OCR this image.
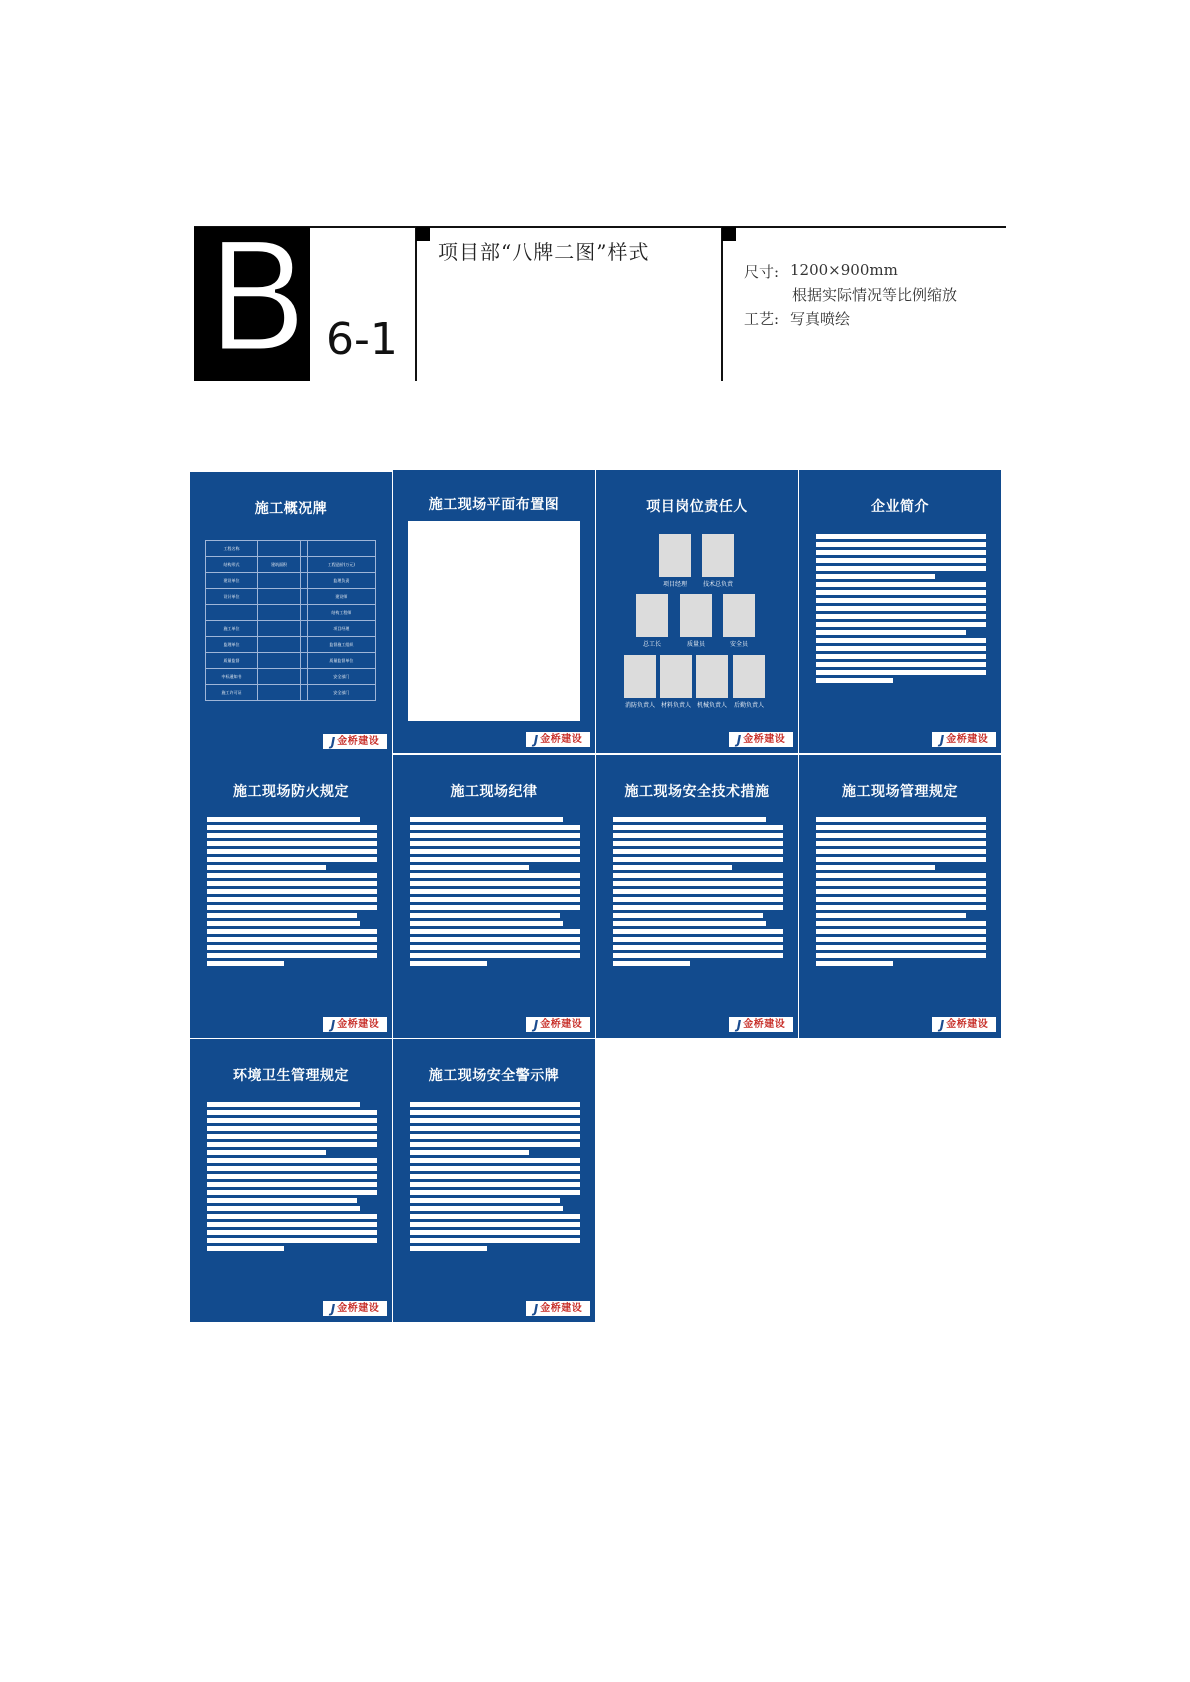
B 6-1
项目部“八牌二图”样式
尺寸: 1200×900mm
根据实际情况等比例缩放
工艺: 写真喷绘
施工概况牌
工程名称			
结构形式	建筑面积		工程造价(万元)
建设单位			监理负责
设计单位			建设师
			结构工程师
施工单位			项目经理
监理单位			监督施工组织
质量监督			质量监督单位
中标通知书			安全部门
施工许可证			安全部门
J 金桥建设
施工现场平面布置图
J 金桥建设
项目岗位责任人
项目经理	技术总负责
总工长	质量员	安全员
消防负责人 材料负责人 机械负责人 后勤负责人
J 金桥建设
企业简介
J 金桥建设
施工现场防火规定
J 金桥建设
施工现场纪律
J 金桥建设
施工现场安全技术措施
J 金桥建设
施工现场管理规定
J 金桥建设
环境卫生管理规定
J 金桥建设
施工现场安全警示牌
J 金桥建设
